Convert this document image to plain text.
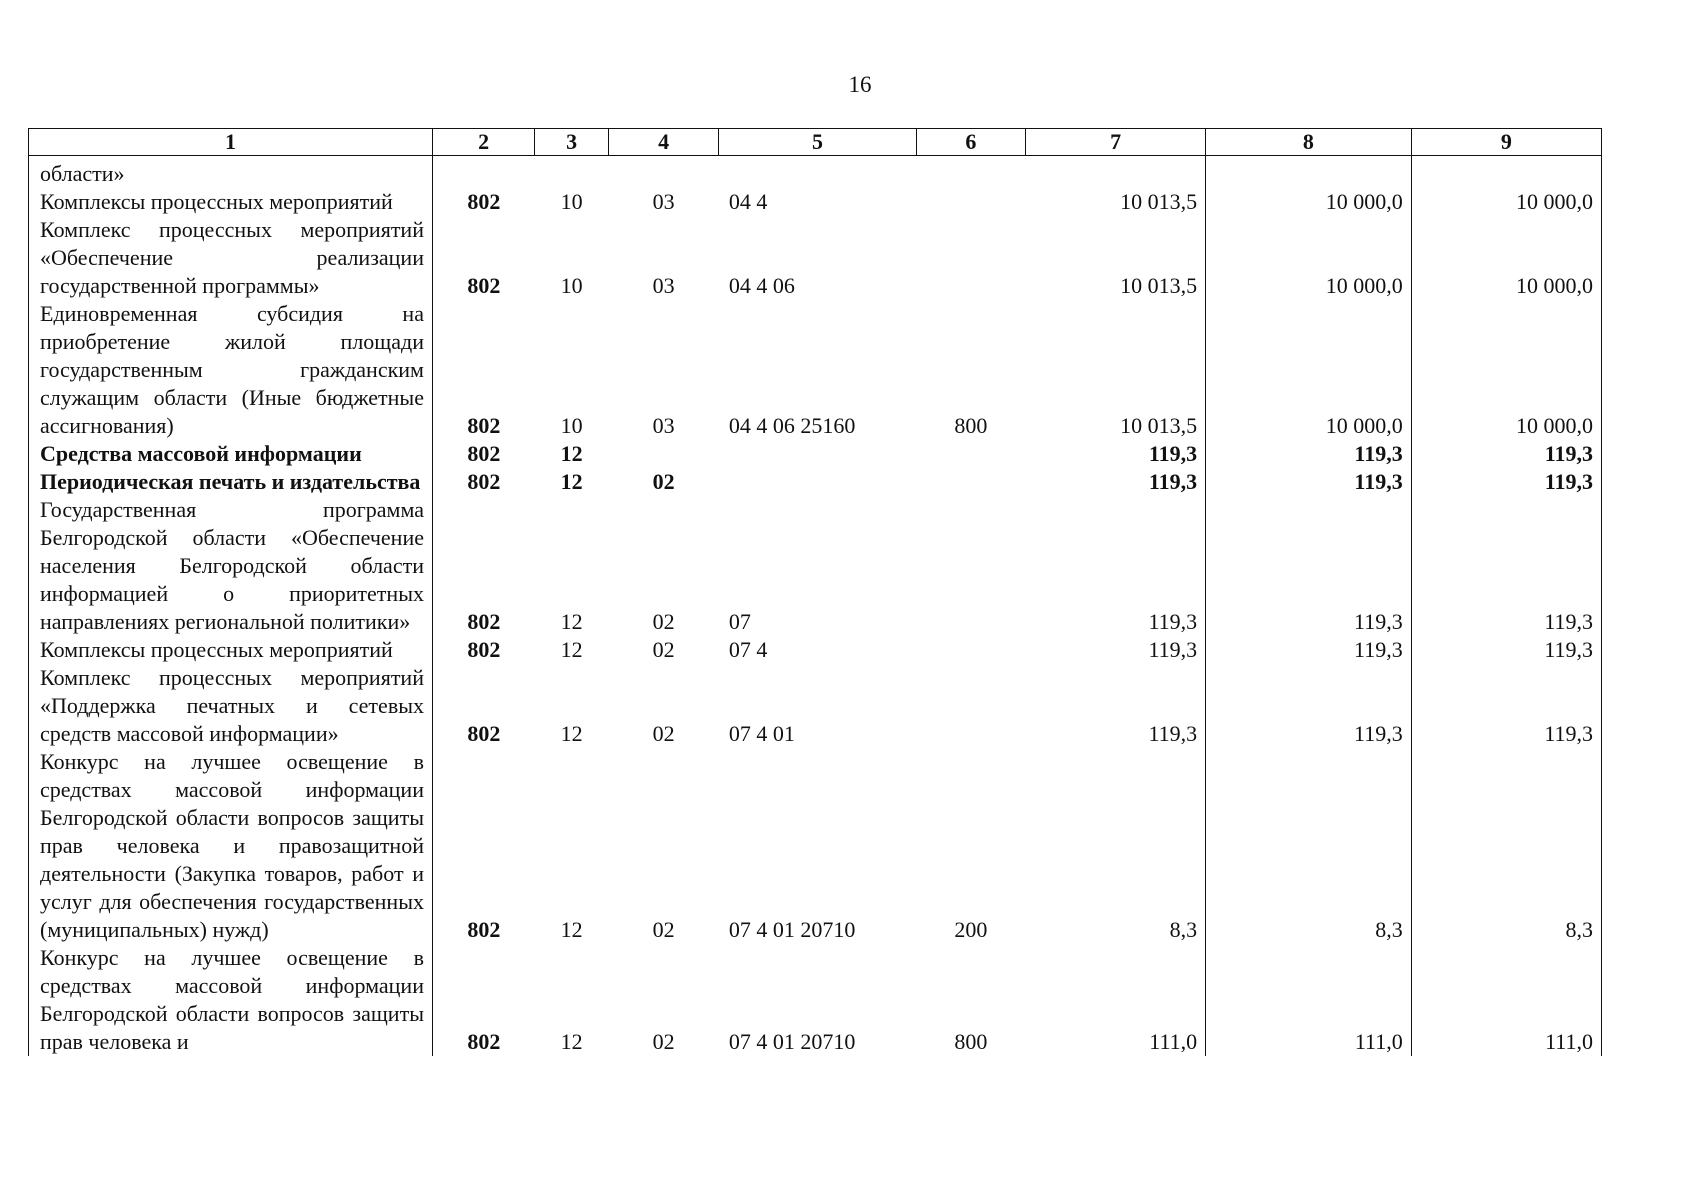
16
1	2	3	4	5	6	7	8	9
области»								
Комплексы процессных мероприятий	802	10	03	04 4		10 013,5	10 000,0	10 000,0
Комплекс процессных мероприятий «Обеспечение реализации государственной программы»	802	10	03	04 4 06		10 013,5	10 000,0	10 000,0
Единовременная субсидия на приобретение жилой площади государственным гражданским служащим области (Иные бюджетные ассигнования)	802	10	03	04 4 06 25160	800	10 013,5	10 000,0	10 000,0
Средства массовой информации	802	12				119,3	119,3	119,3
Периодическая печать и издательства	802	12	02			119,3	119,3	119,3
Государственная программа Белгородской области «Обеспечение населения Белгородской области информацией о приоритетных направлениях региональной политики»	802	12	02	07		119,3	119,3	119,3
Комплексы процессных мероприятий	802	12	02	07 4		119,3	119,3	119,3
Комплекс процессных мероприятий «Поддержка печатных и сетевых средств массовой информации»	802	12	02	07 4 01		119,3	119,3	119,3
Конкурс на лучшее освещение в средствах массовой информации Белгородской области вопросов защиты прав человека и правозащитной деятельности (Закупка товаров, работ и услуг для обеспечения государственных (муниципальных) нужд)	802	12	02	07 4 01 20710	200	8,3	8,3	8,3
Конкурс на лучшее освещение в средствах массовой информации Белгородской области вопросов защиты прав человека и	802	12	02	07 4 01 20710	800	111,0	111,0	111,0
